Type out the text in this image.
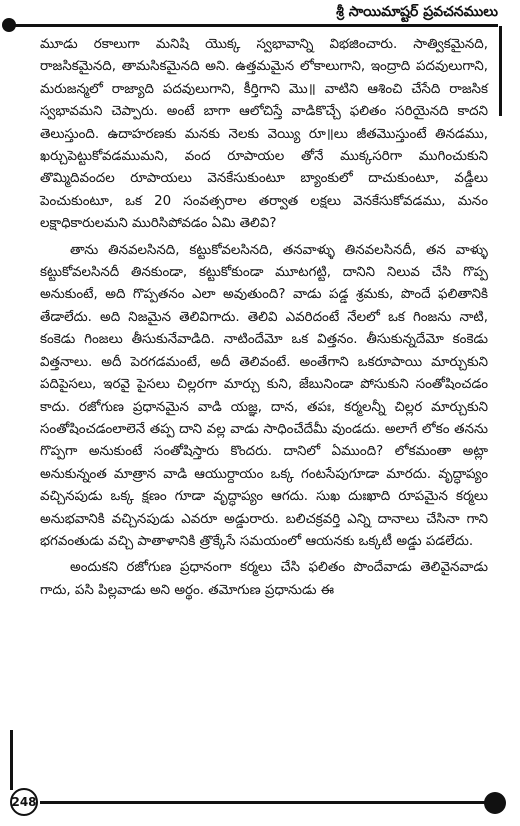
శ్రీ సాయిమాష్టర్ ప్రవచనములు

మూడు రకాలుగా మనిషి యొక్క స్వభావాన్ని విభజించారు. సాత్వికమైనది, రాజసికమైనది, తామసికమైనది అని. ఉత్తమమైన లోకాలుగాని, ఇంద్రాది పదవులుగాని, మరుజన్మలో రాజ్యాది పదవులుగాని, కీర్తిగాని మొ॥ వాటిని ఆశించి చేసేది రాజసిక స్వభావమని చెప్పారు. అంటే బాగా ఆలోచిస్తే వాడికొచ్చే ఫలితం సరియైనది కాదని తెలుస్తుంది. ఉదాహరణకు మనకు నెలకు వెయ్యి రూ॥లు జీతమొస్తుంటే తినడము, ఖర్చుపెట్టుకోవడముమని, వంద రూపాయల తోనే ముక్కసరిగా ముగించుకుని తొమ్మిదివందల రూపాయలు వెనకేసుకుంటూ బ్యాంకులో దాచుకుంటూ, వడ్డీలు పెంచుకుంటూ, ఒక 20 సంవత్సరాల తర్వాత లక్షలు వెనకేసుకోవడము, మనం లక్షాధికారులమని మురిసిపోవడం ఏమి తెలివి?

తాను తినవలసినది, కట్టుకోవలసినది, తనవాళ్ళు తినవలసినదీ, తన వాళ్ళు కట్టుకోవలసినదీ తినకుండా, కట్టుకోకుండా మూటగట్టి, దానిని నిలువ చేసి గొప్ప అనుకుంటే, అది గొప్పతనం ఎలా అవుతుంది? వాడు పడ్డ శ్రమకు, పొందే ఫలితానికి తేడాలేదు. అది నిజమైన తెలివిగాదు. తెలివి ఎవరిదంటే నేలలో ఒక గింజను నాటి, కంకెడు గింజలు తీసుకునేవాడిది. నాటిందేమో ఒక విత్తనం. తీసుకున్నదేమో కంకెడు విత్తనాలు. అదీ పెరగడమంటే, అదీ తెలివంటే. అంతేగాని ఒకరూపాయి మార్చుకుని పదిపైసలు, ఇరవై పైసలు చిల్లరగా మార్చు కుని, జేబునిండా పోసుకుని సంతోషించడం కాదు. రజోగుణ ప్రధానమైన వాడి యజ్ఞ, దాన, తపః, కర్మలన్నీ చిల్లర మార్చుకుని సంతోషించడంలాలెనే తప్ప దాని వల్ల వాడు సాధించేదేమీ వుండదు. అలాగే లోకం తనను గొప్పగా అనుకుంటే సంతోషిస్తారు కొందరు. దానిలో ఏముంది? లోకమంతా అట్లా అనుకున్నంత మాత్రాన వాడి ఆయుర్దాయం ఒక్క గంటసేపుగూడా మారదు. వృద్ధాప్యం వచ్చినపుడు ఒక్క క్షణం గూడా వృద్ధాప్యం ఆగదు. సుఖ దుఃఖాది రూపమైన కర్మలు అనుభవానికి వచ్చినపుడు ఎవరూ అడ్డురారు. బలిచక్రవర్తి ఎన్ని దానాలు చేసినా గాని భగవంతుడు వచ్చి పాతాళానికి త్రొక్కేసే సమయంలో ఆయనకు ఒక్కటీ అడ్డు పడలేదు.

అందుకని రజోగుణ ప్రధానంగా కర్మలు చేసి ఫలితం పొందేవాడు తెలివైనవాడు గాదు, పసి పిల్లవాడు అని అర్థం. తమోగుణ ప్రధానుడు ఈ

248
